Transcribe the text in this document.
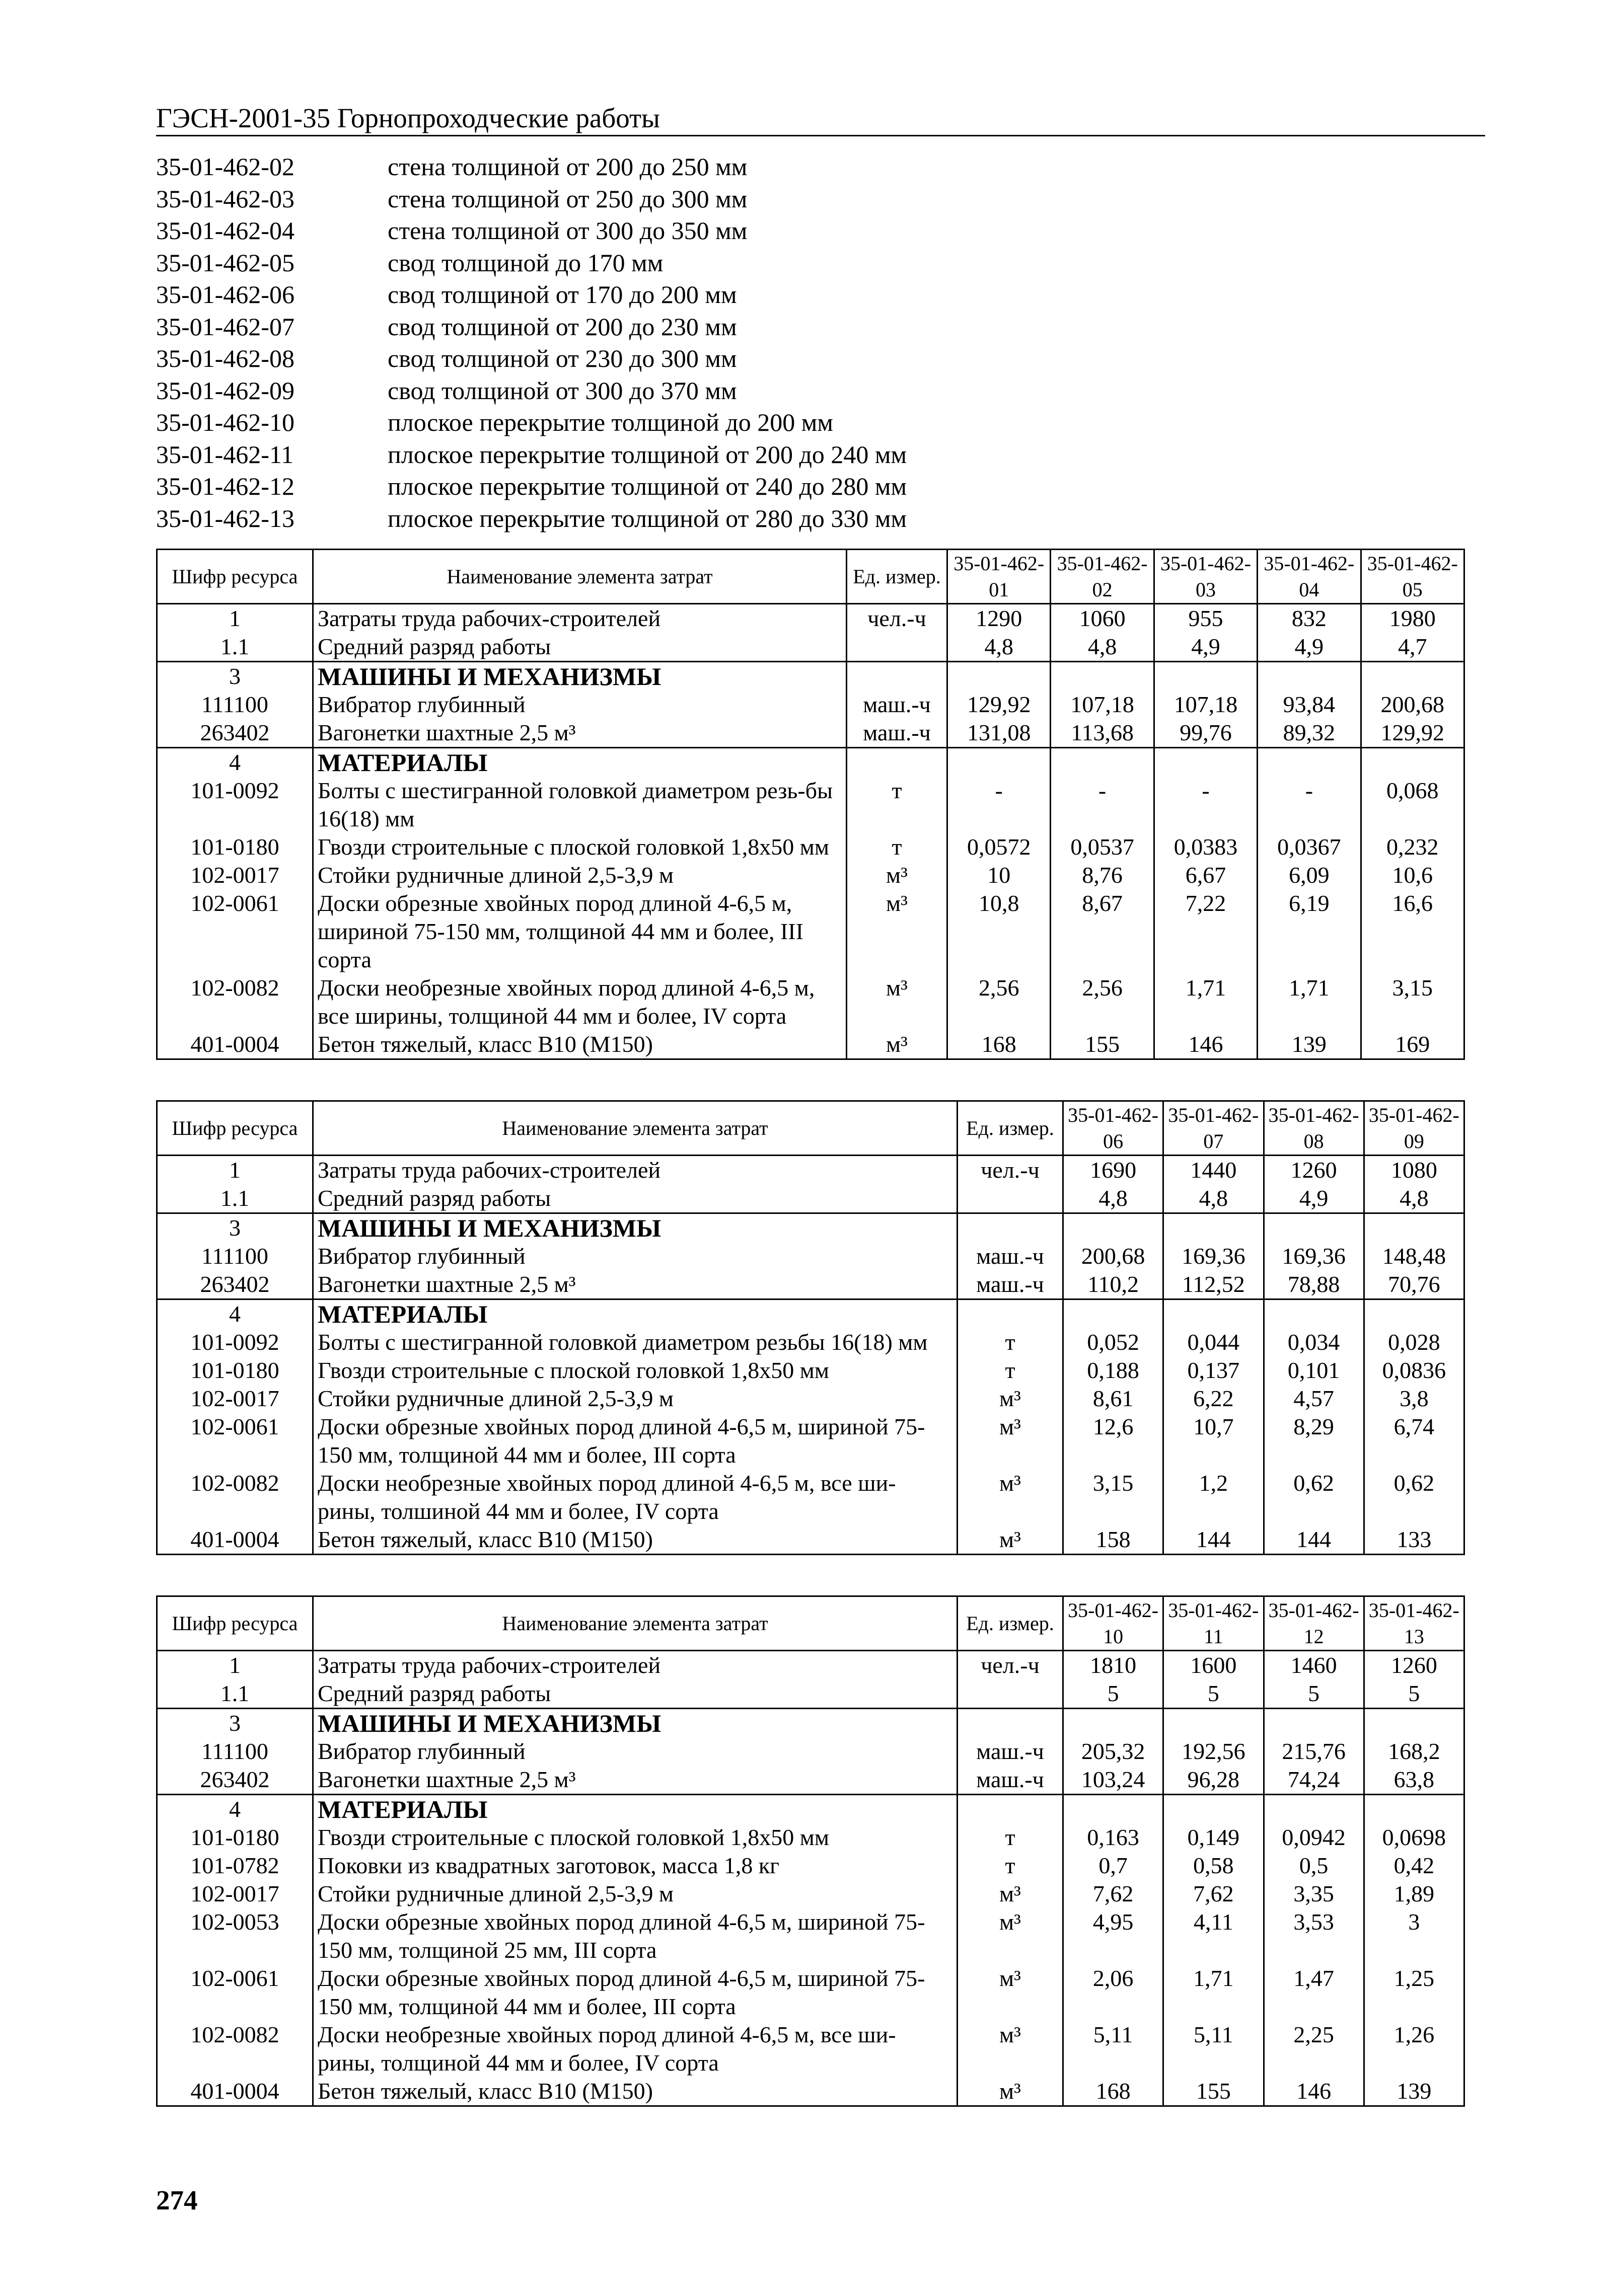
ГЭСН-2001-35 Горнопроходческие работы
35-01-462-02	стена толщиной от 200 до 250 мм
35-01-462-03	стена толщиной от 250 до 300 мм
35-01-462-04	стена толщиной от 300 до 350 мм
35-01-462-05	свод толщиной до 170 мм
35-01-462-06	свод толщиной от 170 до 200 мм
35-01-462-07	свод толщиной от 200 до 230 мм
35-01-462-08	свод толщиной от 230 до 300 мм
35-01-462-09	свод толщиной от 300 до 370 мм
35-01-462-10	плоское перекрытие толщиной до 200 мм
35-01-462-11	плоское перекрытие толщиной от 200 до 240 мм
35-01-462-12	плоское перекрытие толщиной от 240 до 280 мм
35-01-462-13	плоское перекрытие толщиной от 280 до 330 мм
Шифр ресурса	Наименование элемента затрат	Ед. измер.	35-01-462-01	35-01-462-02	35-01-462-03	35-01-462-04	35-01-462-05
1	Затраты труда рабочих-строителей	чел.-ч	1290	1060	955	832	1980
1.1	Средний разряд работы		4,8	4,8	4,9	4,9	4,7
3	МАШИНЫ И МЕХАНИЗМЫ						
111100	Вибратор глубинный	маш.-ч	129,92	107,18	107,18	93,84	200,68
263402	Вагонетки шахтные 2,5 м³	маш.-ч	131,08	113,68	99,76	89,32	129,92
4	МАТЕРИАЛЫ						
101-0092	Болты с шестигранной головкой диаметром резь-бы 16(18) мм	т	-	-	-	-	0,068
101-0180	Гвозди строительные с плоской головкой 1,8x50 мм	т	0,0572	0,0537	0,0383	0,0367	0,232
102-0017	Стойки рудничные длиной 2,5-3,9 м	м³	10	8,76	6,67	6,09	10,6
102-0061	Доски обрезные хвойных пород длиной 4-6,5 м, шириной 75-150 мм, толщиной 44 мм и более, III сорта	м³	10,8	8,67	7,22	6,19	16,6
102-0082	Доски необрезные хвойных пород длиной 4-6,5 м, все ширины, толщиной 44 мм и более, IV сорта	м³	2,56	2,56	1,71	1,71	3,15
401-0004	Бетон тяжелый, класс В10 (М150)	м³	168	155	146	139	169
Шифр ресурса	Наименование элемента затрат	Ед. измер.	35-01-462-06	35-01-462-07	35-01-462-08	35-01-462-09
1	Затраты труда рабочих-строителей	чел.-ч	1690	1440	1260	1080
1.1	Средний разряд работы		4,8	4,8	4,9	4,8
3	МАШИНЫ И МЕХАНИЗМЫ					
111100	Вибратор глубинный	маш.-ч	200,68	169,36	169,36	148,48
263402	Вагонетки шахтные 2,5 м³	маш.-ч	110,2	112,52	78,88	70,76
4	МАТЕРИАЛЫ					
101-0092	Болты с шестигранной головкой диаметром резьбы 16(18) мм	т	0,052	0,044	0,034	0,028
101-0180	Гвозди строительные с плоской головкой 1,8x50 мм	т	0,188	0,137	0,101	0,0836
102-0017	Стойки рудничные длиной 2,5-3,9 м	м³	8,61	6,22	4,57	3,8
102-0061	Доски обрезные хвойных пород длиной 4-6,5 м, шириной 75-150 мм, толщиной 44 мм и более, III сорта	м³	12,6	10,7	8,29	6,74
102-0082	Доски необрезные хвойных пород длиной 4-6,5 м, все ши-рины, толшиной 44 мм и более, IV сорта	м³	3,15	1,2	0,62	0,62
401-0004	Бетон тяжелый, класс В10 (М150)	м³	158	144	144	133
Шифр ресурса	Наименование элемента затрат	Ед. измер.	35-01-462-10	35-01-462-11	35-01-462-12	35-01-462-13
1	Затраты труда рабочих-строителей	чел.-ч	1810	1600	1460	1260
1.1	Средний разряд работы		5	5	5	5
3	МАШИНЫ И МЕХАНИЗМЫ					
111100	Вибратор глубинный	маш.-ч	205,32	192,56	215,76	168,2
263402	Вагонетки шахтные 2,5 м³	маш.-ч	103,24	96,28	74,24	63,8
4	МАТЕРИАЛЫ					
101-0180	Гвозди строительные с плоской головкой 1,8x50 мм	т	0,163	0,149	0,0942	0,0698
101-0782	Поковки из квадратных заготовок, масса 1,8 кг	т	0,7	0,58	0,5	0,42
102-0017	Стойки рудничные длиной 2,5-3,9 м	м³	7,62	7,62	3,35	1,89
102-0053	Доски обрезные хвойных пород длиной 4-6,5 м, шириной 75-150 мм, толщиной 25 мм, III сорта	м³	4,95	4,11	3,53	3
102-0061	Доски обрезные хвойных пород длиной 4-6,5 м, шириной 75-150 мм, толщиной 44 мм и более, III сорта	м³	2,06	1,71	1,47	1,25
102-0082	Доски необрезные хвойных пород длиной 4-6,5 м, все ши-рины, толщиной 44 мм и более, IV сорта	м³	5,11	5,11	2,25	1,26
401-0004	Бетон тяжелый, класс В10 (М150)	м³	168	155	146	139
274
